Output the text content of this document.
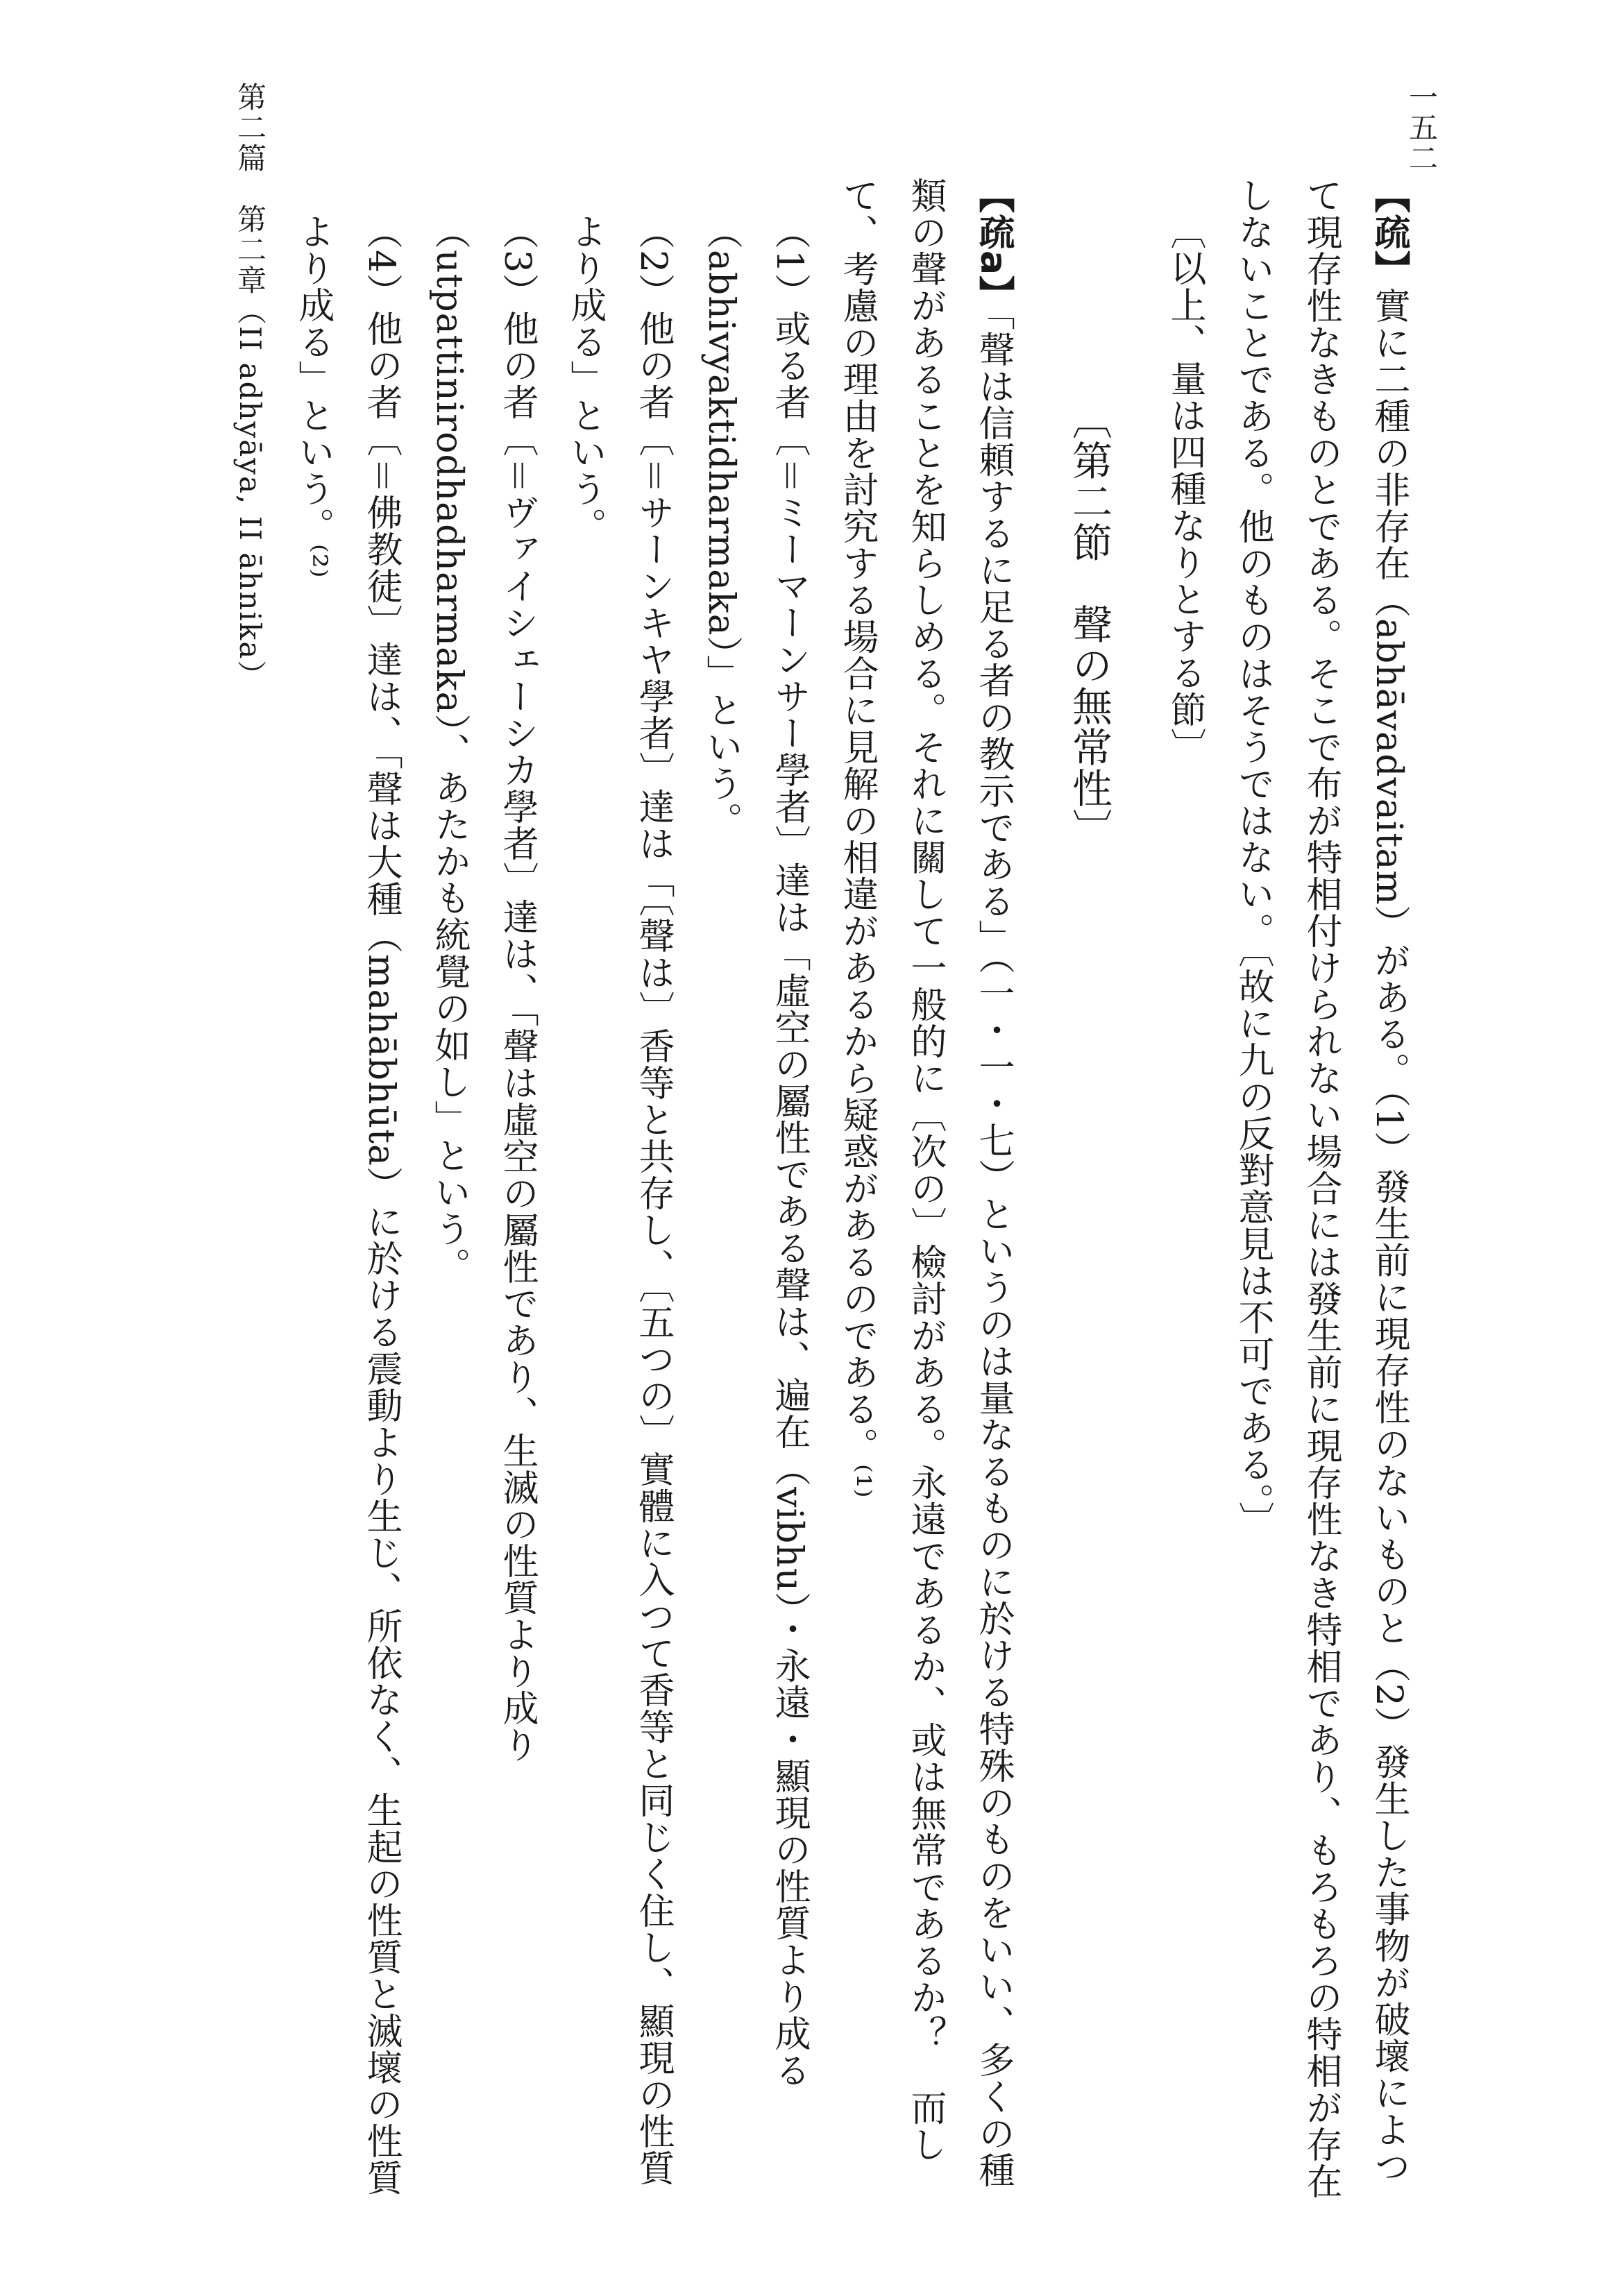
一五二
第二篇　第二章（II adhyāya, II āhnika）	【疏】實に二種の非存在（abhāvadvaitam）がある。（1）發生前に現存性のないものと（2）發生した事物が破壞によつて現存性なきものとである。そこで布が特相付けられない場合には發生前に現存性なき特相であり、もろもろの特相が存在しないことである。他のものはそうではない。〔故に九の反對意見は不可である。〕

〔以上、量は四種なりとする節〕

〔第二節　聲の無常性〕

【疏a】「聲は信頼するに足る者の教示である」（一・一・七）というのは量なるものに於ける特殊のものをいい、多くの種類の聲があることを知らしめる。それに關して一般的に〔次の〕檢討がある。永遠であるか、或は無常であるか？　而して、考慮の理由を討究する場合に見解の相違があるから疑惑があるのである。⁽¹⁾

（1）或る者〔＝ミーマーンサー學者〕達は「虛空の屬性である聲は、遍在（vibhu）・永遠・顯現の性質より成る（abhivyaktidharmaka）」という。

（2）他の者〔＝サーンキヤ學者〕達は「〔聲は〕香等と共存し、〔五つの〕實體に入つて香等と同じく住し、顯現の性質より成る」という。

（3）他の者〔＝ヴァイシェーシカ學者〕達は、「聲は虛空の屬性であり、生滅の性質より成り（utpattinirodhadharmaka）、あたかも統覺の如し」という。

（4）他の者〔＝佛教徒〕達は、「聲は大種（mahābhūta）に於ける震動より生じ、所依なく、生起の性質と滅壞の性質より成る」という。⁽²⁾
